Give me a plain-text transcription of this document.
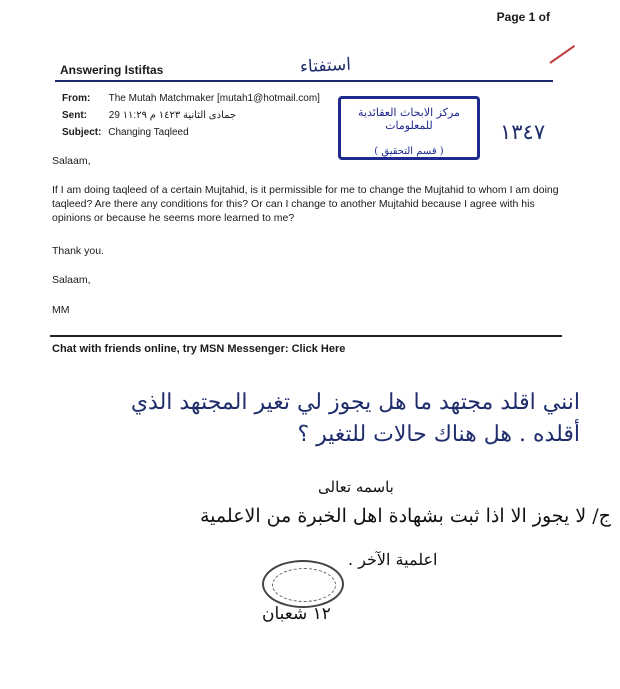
Page 1 of
Answering Istiftas	استفتاء
From: The Mutah Matchmaker [mutah1@hotmail.com]
Sent: 29 جمادى الثانية ١٤٢٣ م ١١:٢٩
Subject: Changing Taqleed
مركز الابحاث العقائدية للمعلومات
( قسم التحقيق )
١٣٤٧
Salaam,
If I am doing taqleed of a certain Mujtahid, is it permissible for me to change the Mujtahid to whom I am doing taqleed? Are there any conditions for this? Or can I change to another Mujtahid because I agree with his opinions or because he seems more learned to me?
Thank you.
Salaam,
MM
Chat with friends online, try MSN Messenger: Click Here
انني اقلد مجتهد ما هل يجوز لي تغير المجتهد الذي
أقلده . هل هناك حالات للتغير ؟
باسمه تعالى
ج/ لا يجوز الا اذا ثبت بشهادة اهل الخبرة من الاعلمية
اعلمية الآخر .
١٢ شعبان
